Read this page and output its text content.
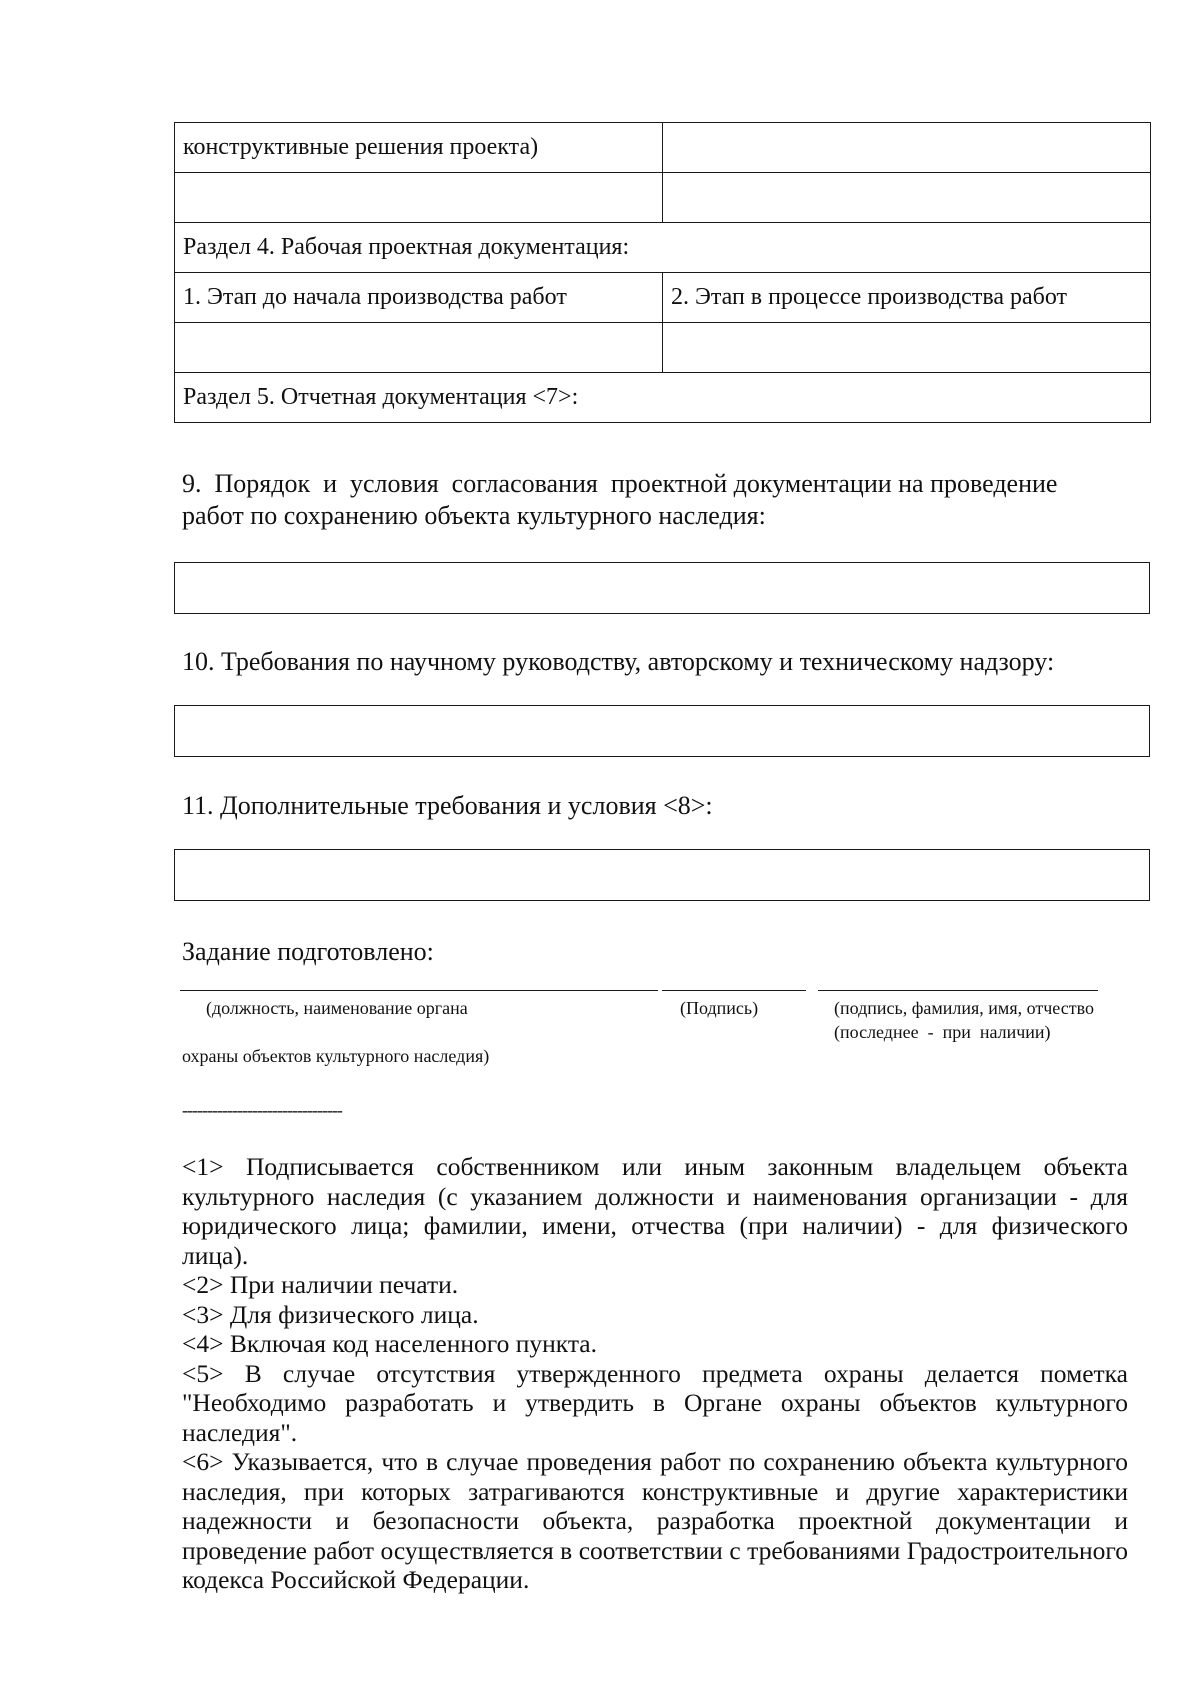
конструктивные решения проекта)	

Раздел 4. Рабочая проектная документация:	
1. Этап до начала производства работ	2. Этап в процессе производства работ

Раздел 5. Отчетная документация <7>:	
9.  Порядок  и  условия  согласования  проектной документации на проведение
работ по сохранению объекта культурного наследия:
10. Требования по научному руководству, авторскому и техническому надзору:
11. Дополнительные требования и условия <8>:
Задание подготовлено:
(должность, наименование органа	(Подпись)	(подпись, фамилия, имя, отчество
(последнее  -  при  наличии)
охраны объектов культурного наследия)
--------------------------------

<1> Подписывается собственником или иным законным владельцем объекта культурного наследия (с указанием должности и наименования организации - для юридического лица; фамилии, имени, отчества (при наличии) - для физического лица).

<2> При наличии печати.

<3> Для физического лица.

<4> Включая код населенного пункта.

<5> В случае отсутствия утвержденного предмета охраны делается пометка "Необходимо разработать и утвердить в Органе охраны объектов культурного наследия".

<6> Указывается, что в случае проведения работ по сохранению объекта культурного наследия, при которых затрагиваются конструктивные и другие характеристики надежности и безопасности объекта, разработка проектной документации и проведение работ осуществляется в соответствии с требованиями Градостроительного кодекса Российской Федерации.
